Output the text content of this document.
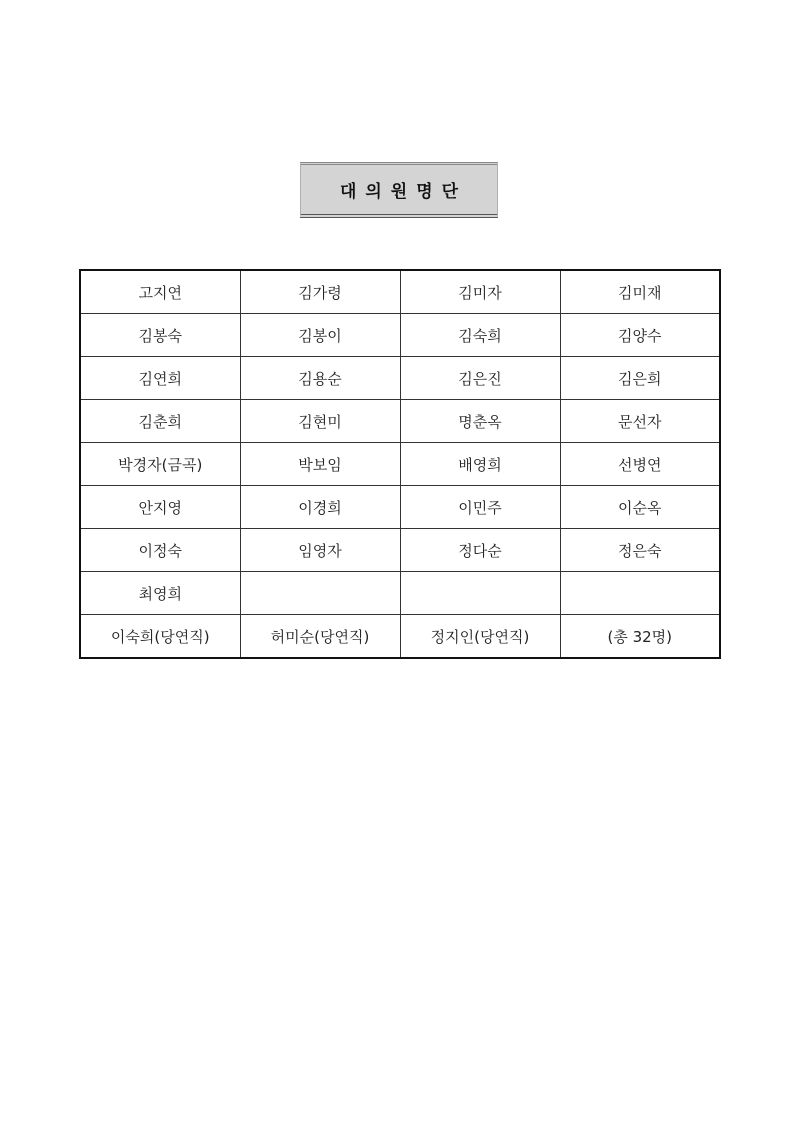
대의원명단
고지연	김가령	김미자	김미재
김봉숙	김봉이	김숙희	김양수
김연희	김용순	김은진	김은희
김춘희	김현미	명춘옥	문선자
박경자(금곡)	박보임	배영희	선병연
안지영	이경희	이민주	이순옥
이정숙	임영자	정다순	정은숙
최영희			
이숙희(당연직)	허미순(당연직)	정지인(당연직)	(총 32명)
